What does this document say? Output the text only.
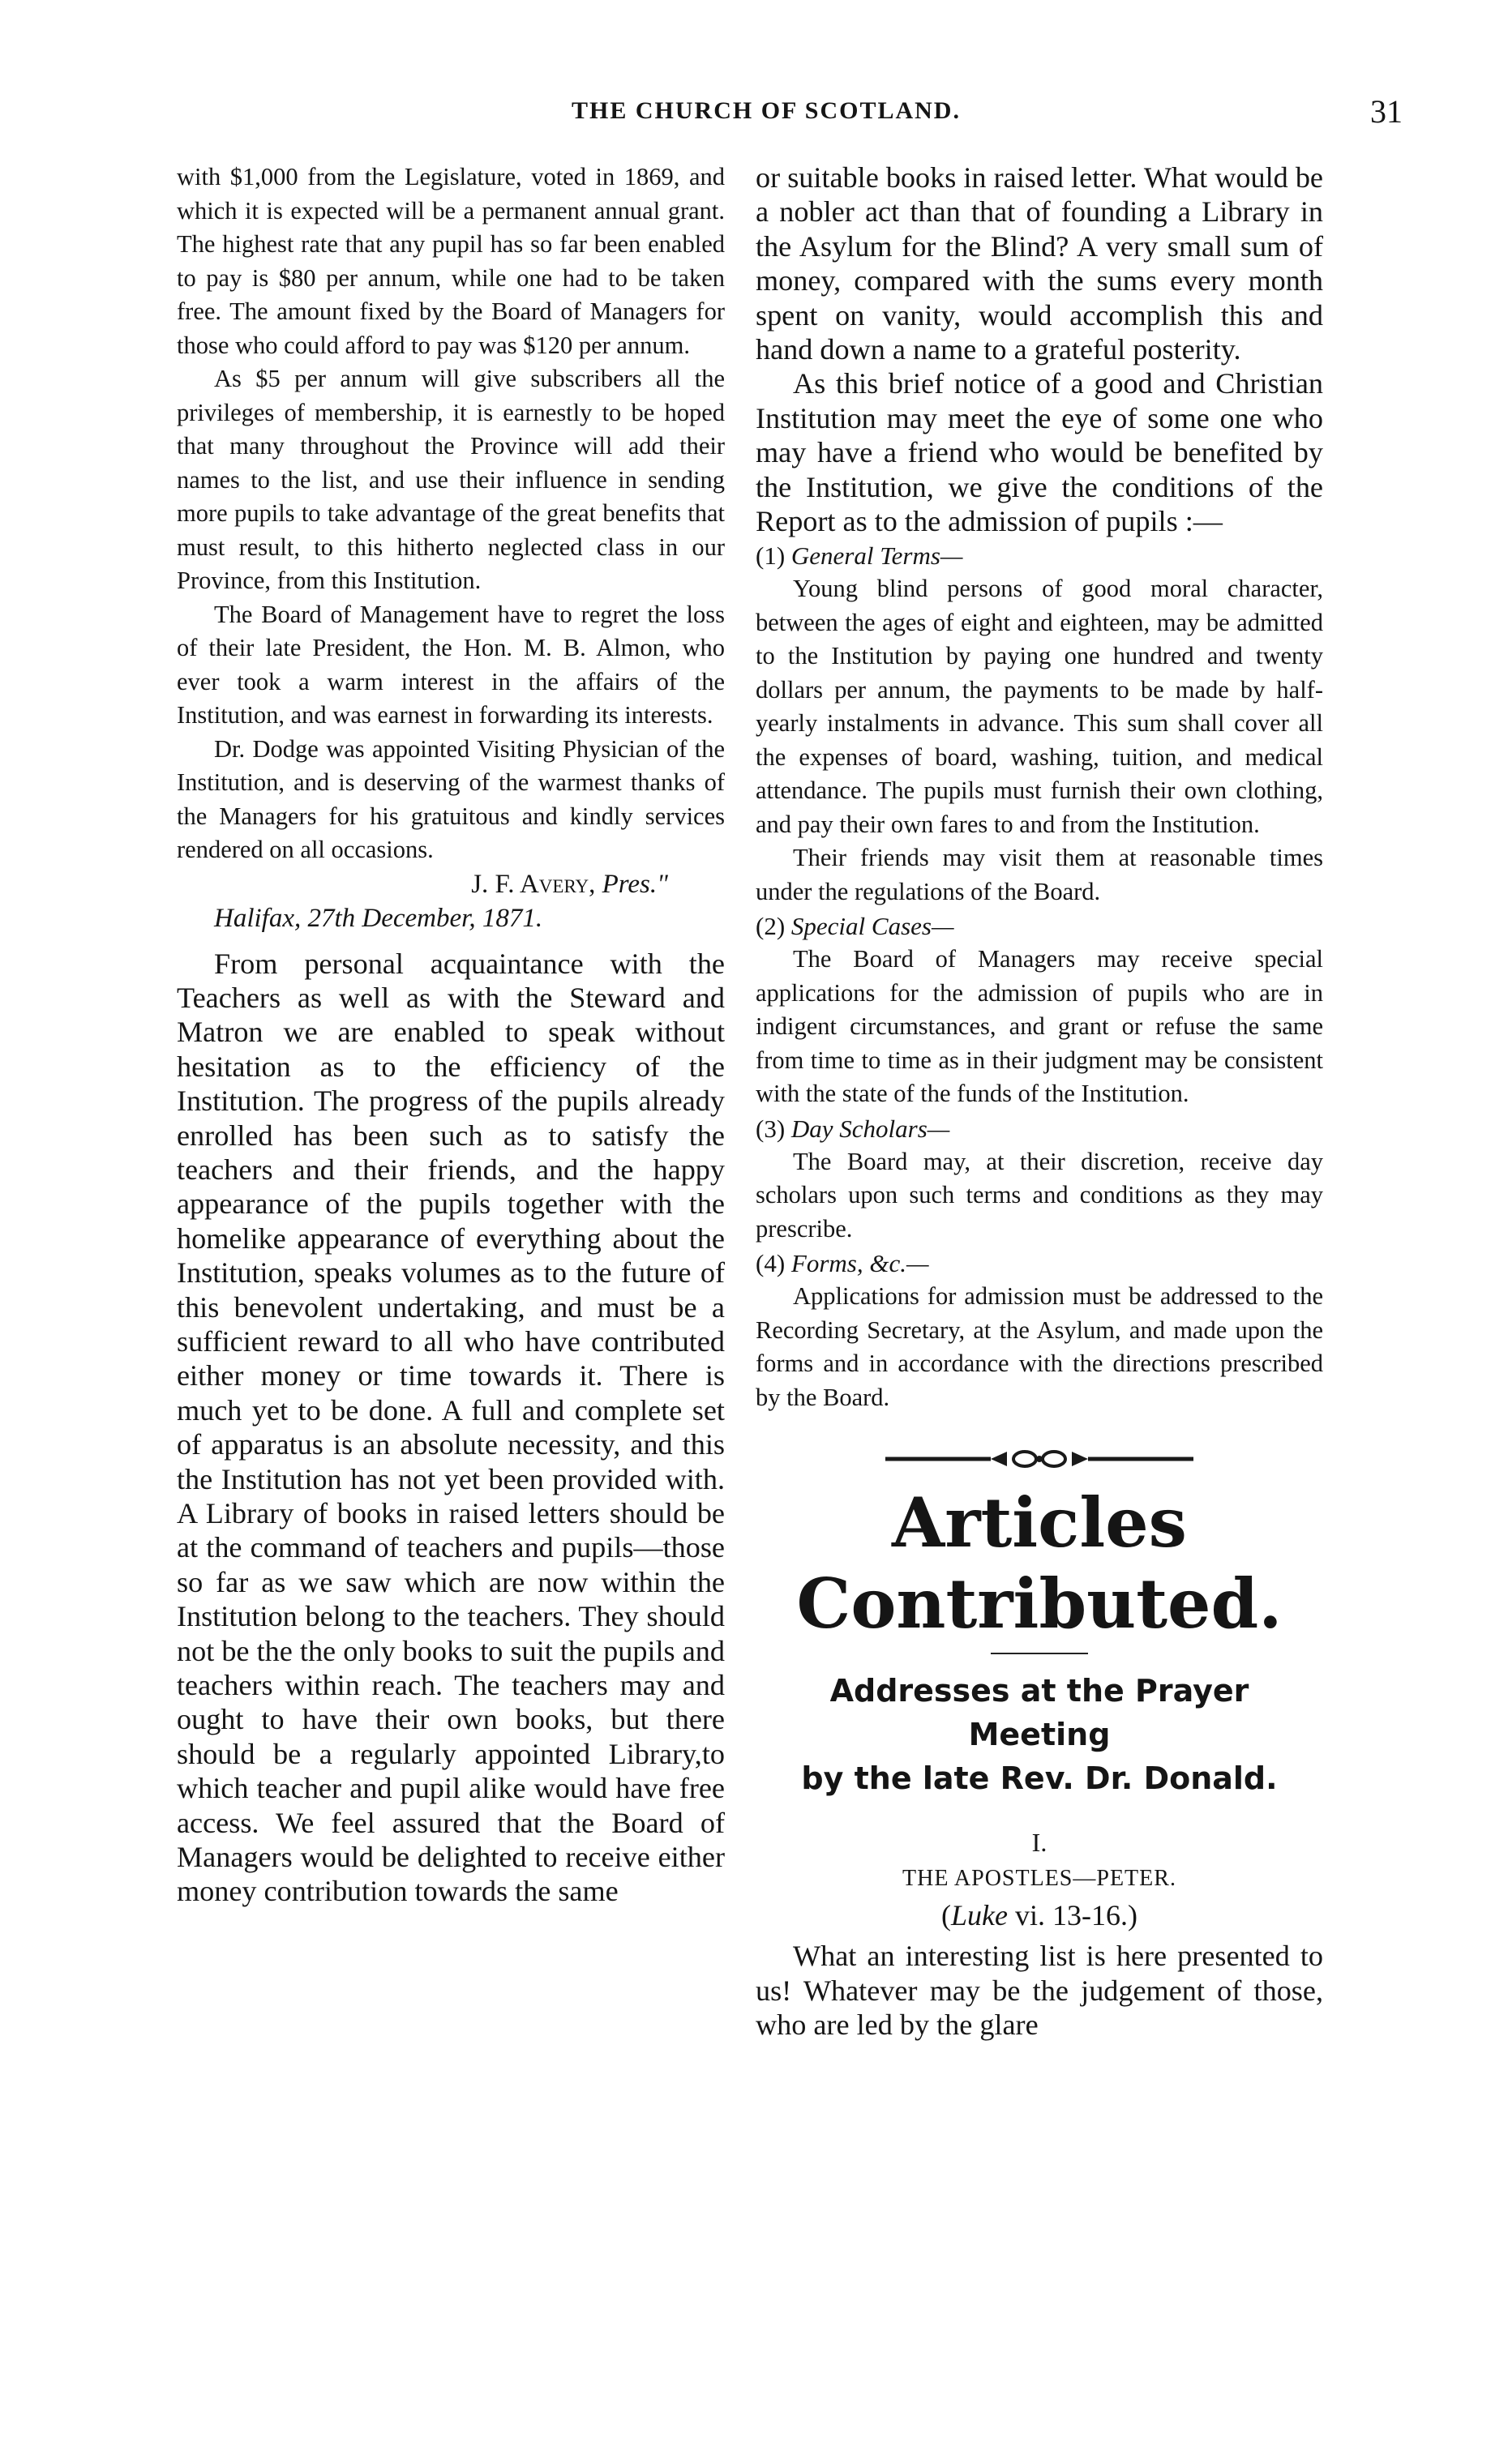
THE CHURCH OF SCOTLAND.	31

with $1,000 from the Legislature, voted in 1869, and which it is expected will be a permanent annual grant. The highest rate that any pupil has so far been enabled to pay is $80 per annum, while one had to be taken free. The amount fixed by the Board of Managers for those who could afford to pay was $120 per annum.

As $5 per annum will give subscribers all the privileges of membership, it is earnestly to be hoped that many throughout the Province will add their names to the list, and use their influence in sending more pupils to take advantage of the great benefits that must result, to this hitherto neglected class in our Province, from this Institution.

The Board of Management have to regret the loss of their late President, the Hon. M. B. Almon, who ever took a warm interest in the affairs of the Institution, and was earnest in forwarding its interests.

Dr. Dodge was appointed Visiting Physician of the Institution, and is deserving of the warmest thanks of the Managers for his gratuitous and kindly services rendered on all occasions.

J. F. Avery, Pres."

Halifax, 27th December, 1871.

From personal acquaintance with the Teachers as well as with the Steward and Matron we are enabled to speak without hesitation as to the efficiency of the Institution. The progress of the pupils already enrolled has been such as to satisfy the teachers and their friends, and the happy appearance of the pupils together with the homelike appearance of everything about the Institution, speaks volumes as to the future of this benevolent undertaking, and must be a sufficient reward to all who have contributed either money or time towards it. There is much yet to be done. A full and complete set of apparatus is an absolute necessity, and this the Institution has not yet been provided with. A Library of books in raised letters should be at the command of teachers and pupils—those so far as we saw which are now within the Institution belong to the teachers. They should not be the the only books to suit the pupils and teachers within reach. The teachers may and ought to have their own books, but there should be a regularly appointed Library,to which teacher and pupil alike would have free access. We feel assured that the Board of Managers would be delighted to receive either money contribution towards the same

or suitable books in raised letter. What would be a nobler act than that of founding a Library in the Asylum for the Blind? A very small sum of money, compared with the sums every month spent on vanity, would accomplish this and hand down a name to a grateful posterity.

As this brief notice of a good and Christian Institution may meet the eye of some one who may have a friend who would be benefited by the Institution, we give the conditions of the Report as to the admission of pupils :—

(1) General Terms—

Young blind persons of good moral character, between the ages of eight and eighteen, may be admitted to the Institution by paying one hundred and twenty dollars per annum, the payments to be made by half-yearly instalments in advance. This sum shall cover all the expenses of board, washing, tuition, and medical attendance. The pupils must furnish their own clothing, and pay their own fares to and from the Institution.

Their friends may visit them at reasonable times under the regulations of the Board.

(2) Special Cases—

The Board of Managers may receive special applications for the admission of pupils who are in indigent circumstances, and grant or refuse the same from time to time as in their judgment may be consistent with the state of the funds of the Institution.

(3) Day Scholars—

The Board may, at their discretion, receive day scholars upon such terms and conditions as they may prescribe.

(4) Forms, &c.—

Applications for admission must be addressed to the Recording Secretary, at the Asylum, and made upon the forms and in accordance with the directions prescribed by the Board.

Articles Contributed.

Addresses at the Prayer Meeting

by the late Rev. Dr. Donald.

I.

THE APOSTLES—PETER.

(Luke vi. 13-16.)

What an interesting list is here presented to us! Whatever may be the judgement of those, who are led by the glare
